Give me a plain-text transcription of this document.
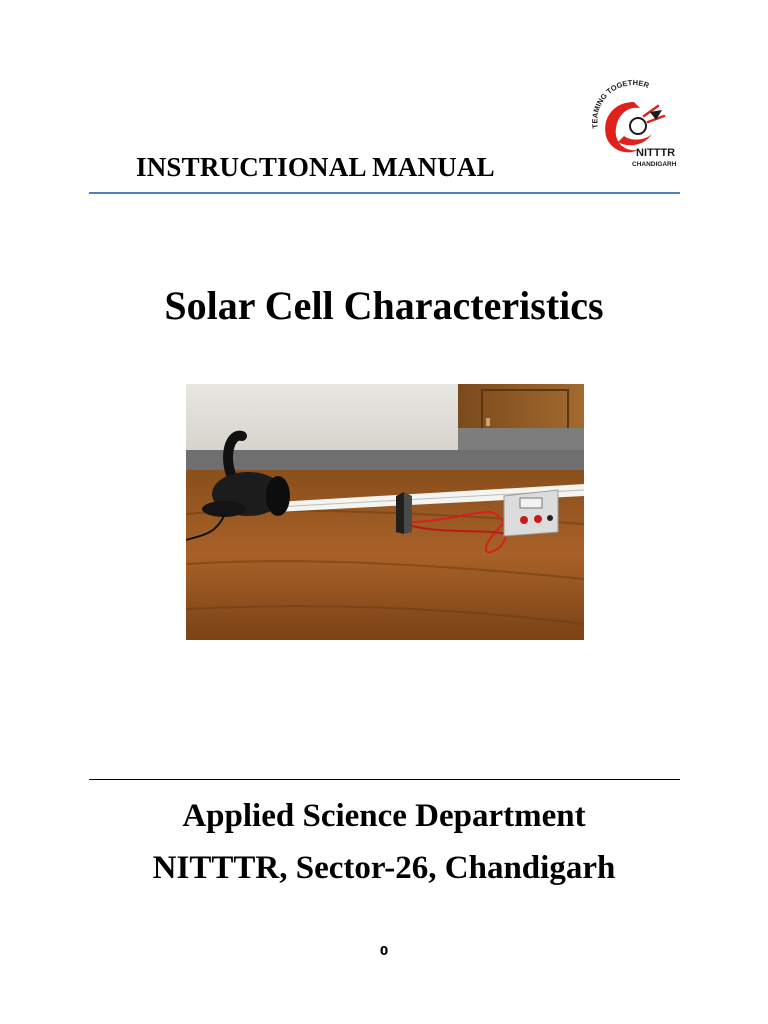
TEAMING TOGETHER
NITTTR
CHANDIGARH
INSTRUCTIONAL MANUAL
Solar Cell Characteristics
Applied Science Department
NITTTR, Sector-26, Chandigarh
0
